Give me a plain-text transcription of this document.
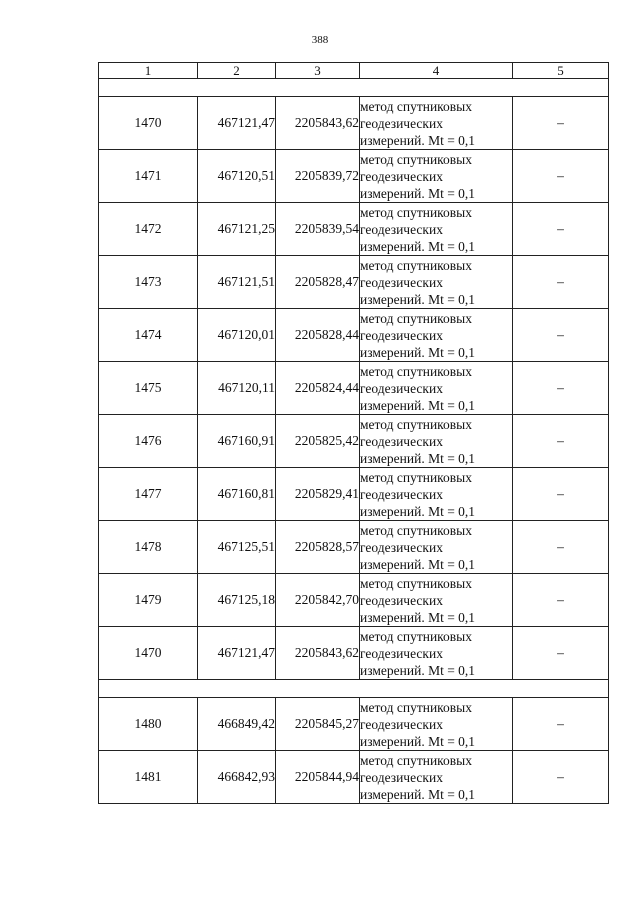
388
1	2	3	4	5

1470	467121,47	2205843,62	метод спутниковых
геодезических
измерений. Mt = 0,1	–
1471	467120,51	2205839,72	метод спутниковых
геодезических
измерений. Mt = 0,1	–
1472	467121,25	2205839,54	метод спутниковых
геодезических
измерений. Mt = 0,1	–
1473	467121,51	2205828,47	метод спутниковых
геодезических
измерений. Mt = 0,1	–
1474	467120,01	2205828,44	метод спутниковых
геодезических
измерений. Mt = 0,1	–
1475	467120,11	2205824,44	метод спутниковых
геодезических
измерений. Mt = 0,1	–
1476	467160,91	2205825,42	метод спутниковых
геодезических
измерений. Mt = 0,1	–
1477	467160,81	2205829,41	метод спутниковых
геодезических
измерений. Mt = 0,1	–
1478	467125,51	2205828,57	метод спутниковых
геодезических
измерений. Mt = 0,1	–
1479	467125,18	2205842,70	метод спутниковых
геодезических
измерений. Mt = 0,1	–
1470	467121,47	2205843,62	метод спутниковых
геодезических
измерений. Mt = 0,1	–

1480	466849,42	2205845,27	метод спутниковых
геодезических
измерений. Mt = 0,1	–
1481	466842,93	2205844,94	метод спутниковых
геодезических
измерений. Mt = 0,1	–
